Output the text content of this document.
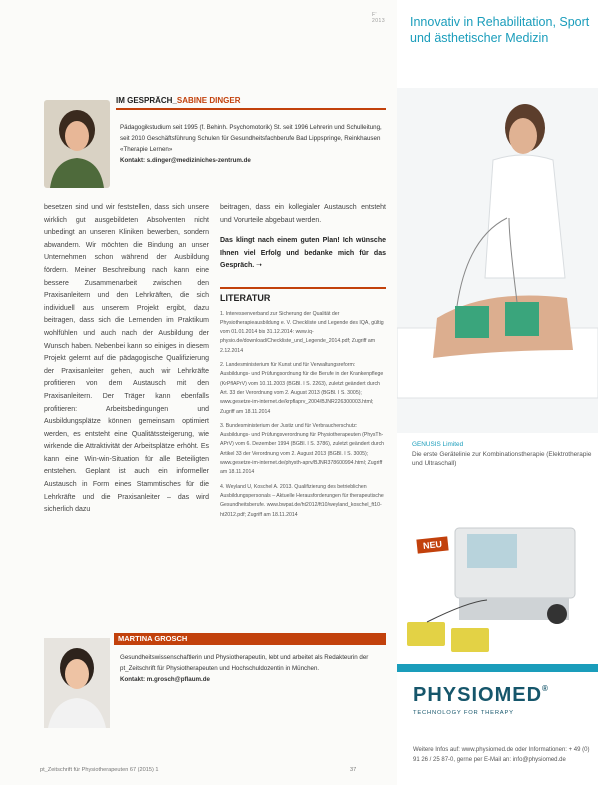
F' 2013
IM GESPRÄCH_SABINE DINGER
Pädagogikstudium seit 1995 (f. Behinh. Psychomotorik) St. seit 1996 Lehrerin und Schulleitung, seit 2010 Geschäftsführung Schulen für Gesundheitsfachberufe Bad Lippspringe, Reinkhausen «Therapie Lernen»
Kontakt: s.dinger@mediziniches-zentrum.de
besetzen sind und wir feststellen, dass sich unsere wirklich gut ausgebildeten Absolventen nicht unbedingt an unseren Kliniken bewerben, sondern abwandern. Wir möchten die Bindung an unser Unternehmen schon während der Ausbildung fördern. Meiner Beschreibung nach kann eine bessere Zusammenarbeit zwischen den Praxisanleitern und den Lehrkräften, die sich individuell aus unserem Projekt ergibt, dazu beitragen, dass sich die Lernenden im Praktikum wohlfühlen und auch nach der Ausbildung der Wunsch haben. Nebenbei kann so einiges in diesem Projekt gelernt auf die pädagogische Qualifizierung der Praxisanleiter gehen, auch wir Lehrkräfte profitieren von dem Austausch mit den Praxisanleitern. Der Träger kann ebenfalls profitieren: Arbeitsbedingungen und Ausbildungsplätze können gemeinsam optimiert werden, es entsteht eine Qualitätssteigerung, wie wirkende die Attraktivität der Arbeitsplätze erhöht. Es kann eine Win-win-Situation für alle Beteiligten entstehen. Geplant ist auch ein informeller Austausch in Form eines Stammtisches für die Lehrkräfte und die Praxisanleiter – das wird sicherlich dazu
beitragen, dass ein kollegialer Austausch entsteht und Vorurteile abgebaut werden.
Das klingt nach einem guten Plan! Ich wünsche Ihnen viel Erfolg und bedanke mich für das Gespräch. ➝
LITERATUR
1. Interessenverband zur Sicherung der Qualität der Physiotherapieausbildung e. V. Checkliste und Legende des IQA, gültig vom 01.01.2014 bis 31.12.2014: www.iq-physio.de/download/Checkliste_und_Legende_2014.pdf; Zugriff am 2.12.2014
2. Landesministerium für Kunst und für Verwaltungsreform: Ausbildungs- und Prüfungsordnung für die Berufe in der Krankenpflege (KrPflAPrV) vom 10.11.2003 (BGBl. I S. 2263), zuletzt geändert durch Art. 33 der Verordnung vom 2. August 2013 (BGBl. I S. 3005); www.gesetze-im-internet.de/krpflaprv_2004/BJNR226300003.html; Zugriff am 18.11.2014
3. Bundesministerium der Justiz und für Verbraucherschutz: Ausbildungs- und Prüfungsverordnung für Physiotherapeuten (PhysTh-APrV) vom 6. Dezember 1994 (BGBl. I S. 3786), zuletzt geändert durch Artikel 33 der Verordnung vom 2. August 2013 (BGBl. I S. 3005); www.gesetze-im-internet.de/physth-aprv/BJNR378600994.html; Zugriff am 18.11.2014
4. Weyland U, Koschel A. 2013. Qualifizierung des betrieblichen Ausbildungspersonals – Aktuelle Herausforderungen für therapeutische Gesundheitsberufe. www.bwpat.de/ht2012/ft10/weyland_koschel_ft10-ht2012.pdf; Zugriff am 18.11.2014
MARTINA GROSCH
Gesundheitswissenschaftlerin und Physiotherapeutin, lebt und arbeitet als Redakteurin der pt_Zeitschrift für Physiotherapeuten und Hochschuldozentin in München.
Kontakt: m.grosch@pflaum.de
pt_Zeitschrift für Physiotherapeuten 67 (2015) 1	37
Innovativ in Rehabilitation, Sport und ästhetischer Medizin
GENUSIS Limited
Die erste Gerätelinie zur Kombinationstherapie (Elektrotherapie und Ultraschall)
NEU
PHYSIOMED®
TECHNOLOGY FOR THERAPY
Weitere Infos auf: www.physiomed.de oder Informationen: + 49 (0) 91 26 / 25 87-0, gerne per E-Mail an: info@physiomed.de
